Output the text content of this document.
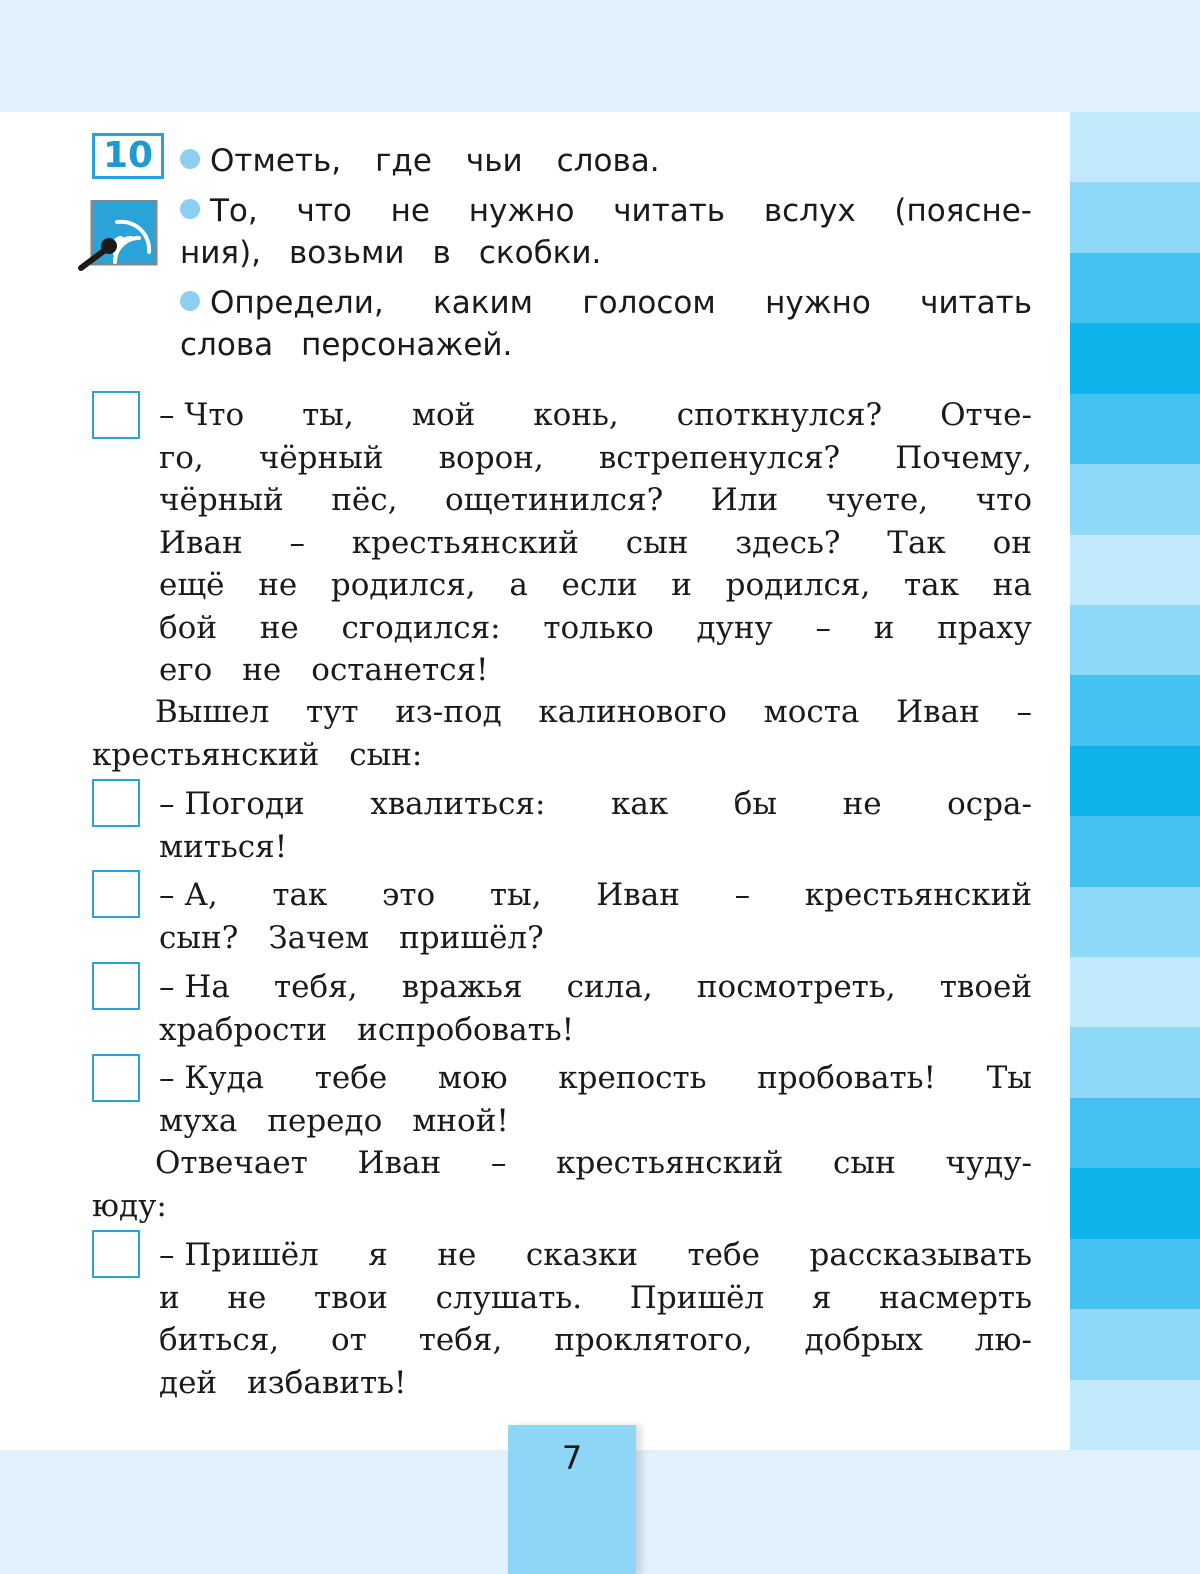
10	Отметь, где чьи слова.
То, что не нужно читать вслух (поясне-
ния), возьми в скобки.
Определи, каким голосом нужно читать
слова персонажей.
– Что ты, мой конь, споткнулся? Отче-
го, чёрный ворон, встрепенулся? Почему,
чёрный пёс, ощетинился? Или чуете, что
Иван – крестьянский сын здесь? Так он
ещё не родился, а если и родился, так на
бой не сгодился: только дуну – и праху
его не останется!
Вышел тут из-под калинового моста Иван –
крестьянский сын:
– Погоди хвалиться: как бы не осра-
миться!
– А, так это ты, Иван – крестьянский
сын? Зачем пришёл?
– На тебя, вражья сила, посмотреть, твоей
храбрости испробовать!
– Куда тебе мою крепость пробовать! Ты
муха передо мной!
Отвечает Иван – крестьянский сын чуду-
юду:
– Пришёл я не сказки тебе рассказывать
и не твои слушать. Пришёл я насмерть
биться, от тебя, проклятого, добрых лю-
дей избавить!
7
